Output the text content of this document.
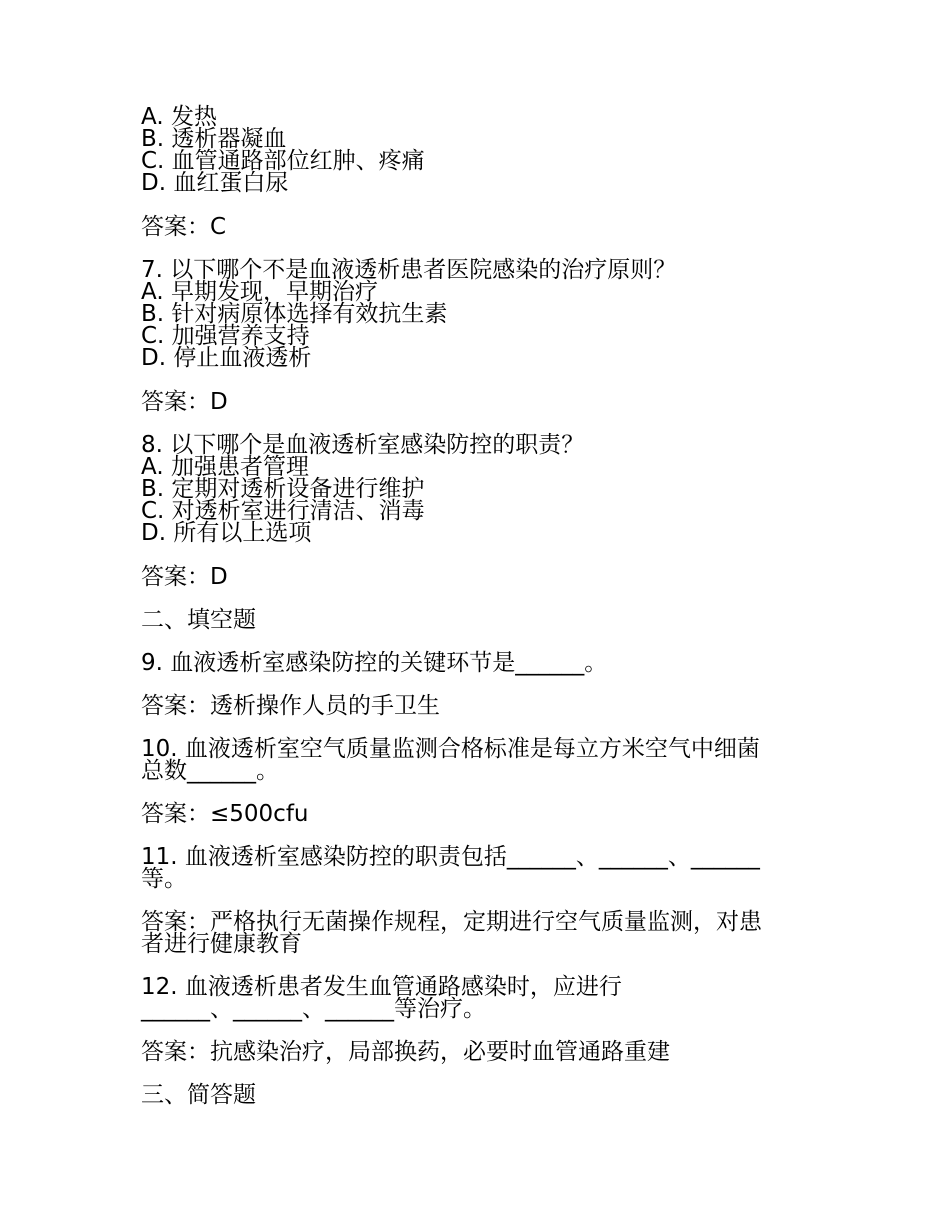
A. 发热
B. 透析器凝血
C. 血管通路部位红肿、疼痛
D. 血红蛋白尿
答案：C
7. 以下哪个不是血液透析患者医院感染的治疗原则？
A. 早期发现，早期治疗
B. 针对病原体选择有效抗生素
C. 加强营养支持
D. 停止血液透析
答案：D
8. 以下哪个是血液透析室感染防控的职责？
A. 加强患者管理
B. 定期对透析设备进行维护
C. 对透析室进行清洁、消毒
D. 所有以上选项
答案：D
二、填空题
9. 血液透析室感染防控的关键环节是______。
答案：透析操作人员的手卫生
10. 血液透析室空气质量监测合格标准是每立方米空气中细菌
总数______。
答案：≤500cfu
11. 血液透析室感染防控的职责包括______、______、______
等。
答案：严格执行无菌操作规程，定期进行空气质量监测，对患
者进行健康教育
12. 血液透析患者发生血管通路感染时，应进行
______、______、______等治疗。
答案：抗感染治疗，局部换药，必要时血管通路重建
三、简答题
